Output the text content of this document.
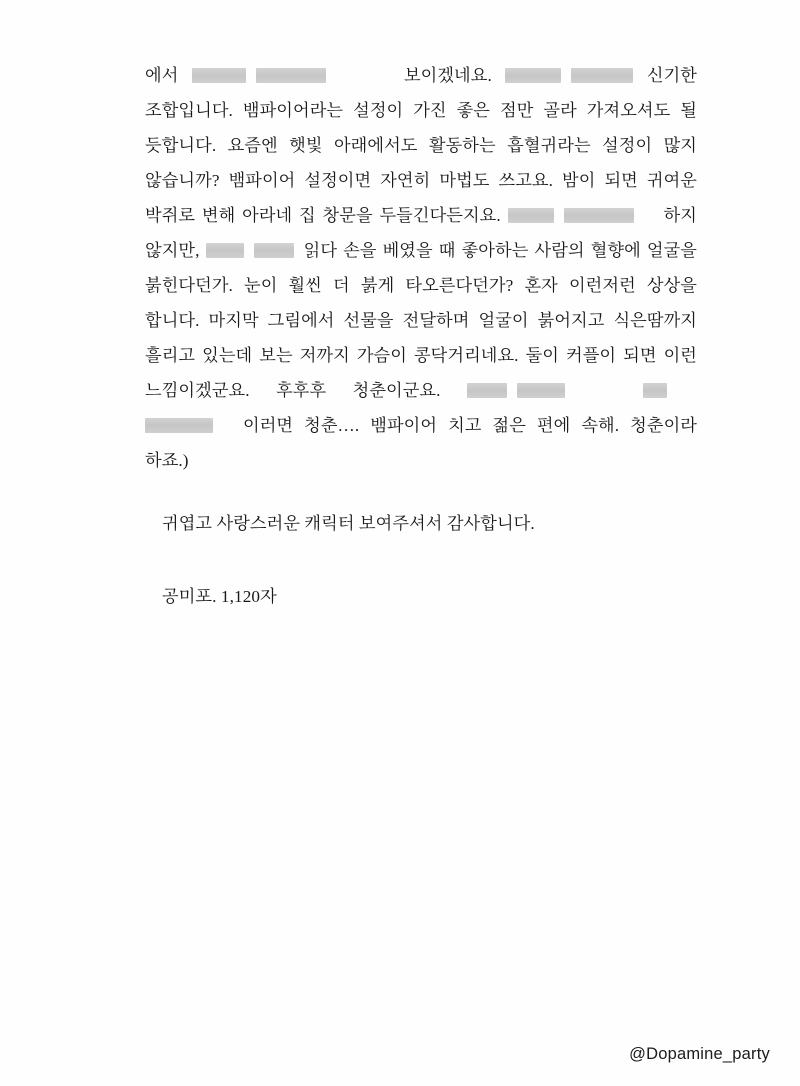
에서	보이겠네요.	신기한 조합입니다. 뱀파이어라는 설정이 가진 좋은 점만 골라 가져오셔도 될 듯합니다. 요즘엔 햇빛 아래에서도 활동하는 흡혈귀라는 설정이 많지 않습니까? 뱀파이어 설정이면 자연히 마법도 쓰고요. 밤이 되면 귀여운 박쥐로 변해 아라네 집 창문을 두들긴다든지요.	하지 않지만,	읽다 손을 베였을 때 좋아하는 사람의 혈향에 얼굴을 붉힌다던가. 눈이 훨씬 더 붉게 타오른다던가? 혼자 이런저런 상상을 합니다. 마지막 그림에서 선물을 전달하며 얼굴이 붉어지고 식은땀까지 흘리고 있는데 보는 저까지 가슴이 콩닥거리네요. 둘이 커플이 되면 이런 느낌이겠군요. 후후후 청춘이군요. 이러면 청춘…. 뱀파이어 치고 젊은 편에 속해. 청춘이라 하죠.)

귀엽고 사랑스러운 캐릭터 보여주셔서 감사합니다.

공미포. 1,120자

@Dopamine_party
